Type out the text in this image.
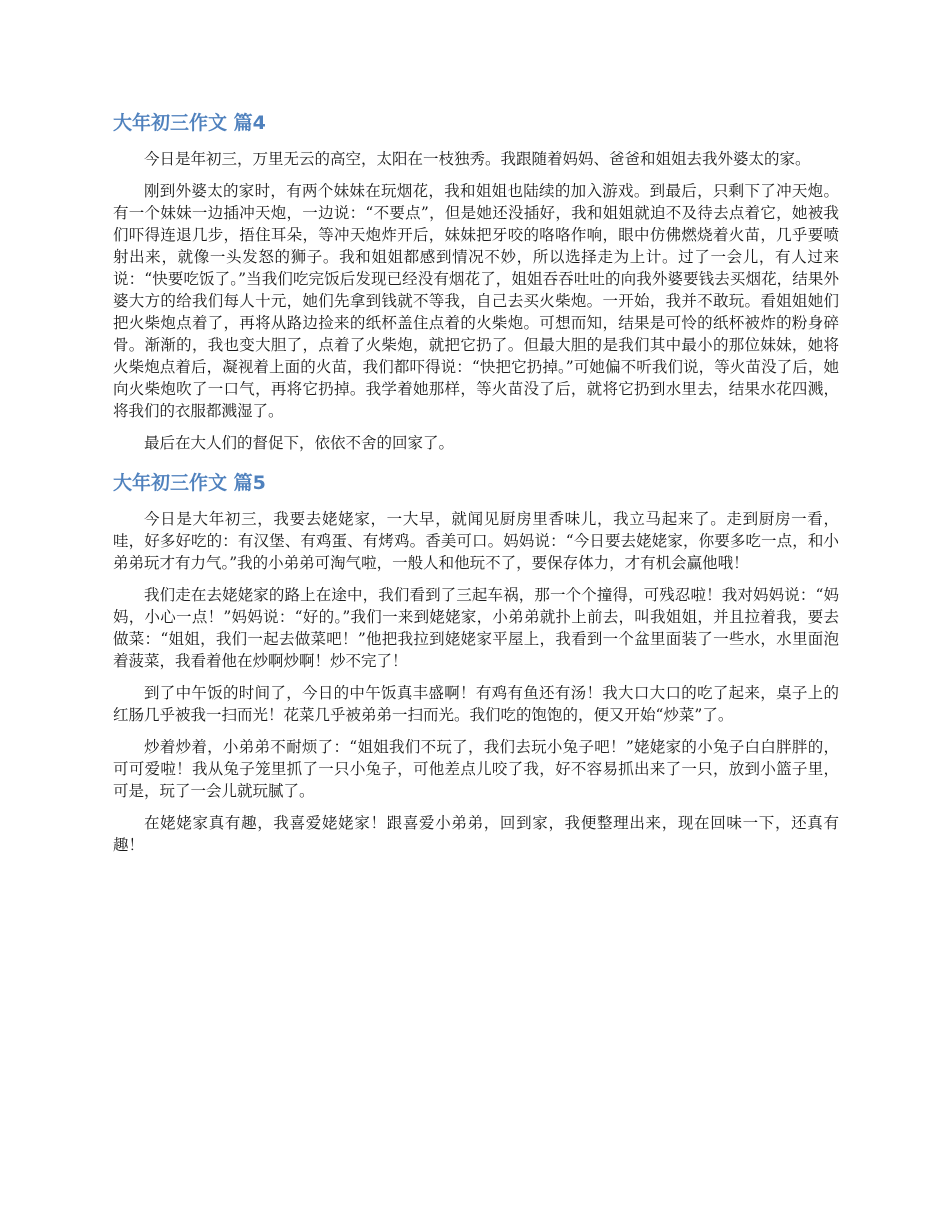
大年初三作文 篇4

今日是年初三，万里无云的高空，太阳在一枝独秀。我跟随着妈妈、爸爸和姐姐去我外婆太的家。

刚到外婆太的家时，有两个妹妹在玩烟花，我和姐姐也陆续的加入游戏。到最后，只剩下了冲天炮。有一个妹妹一边插冲天炮，一边说：“不要点”，但是她还没插好，我和姐姐就迫不及待去点着它，她被我们吓得连退几步，捂住耳朵，等冲天炮炸开后，妹妹把牙咬的咯咯作响，眼中仿佛燃烧着火苗，几乎要喷射出来，就像一头发怒的狮子。我和姐姐都感到情况不妙，所以选择走为上计。过了一会儿，有人过来说：“快要吃饭了。”当我们吃完饭后发现已经没有烟花了，姐姐吞吞吐吐的向我外婆要钱去买烟花，结果外婆大方的给我们每人十元，她们先拿到钱就不等我，自己去买火柴炮。一开始，我并不敢玩。看姐姐她们把火柴炮点着了，再将从路边捡来的纸杯盖住点着的火柴炮。可想而知，结果是可怜的纸杯被炸的粉身碎骨。渐渐的，我也变大胆了，点着了火柴炮，就把它扔了。但最大胆的是我们其中最小的那位妹妹，她将火柴炮点着后，凝视着上面的火苗，我们都吓得说：“快把它扔掉。”可她偏不听我们说，等火苗没了后，她向火柴炮吹了一口气，再将它扔掉。我学着她那样，等火苗没了后，就将它扔到水里去，结果水花四溅，将我们的衣服都溅湿了。

最后在大人们的督促下，依依不舍的回家了。

大年初三作文 篇5

今日是大年初三，我要去姥姥家，一大早，就闻见厨房里香味儿，我立马起来了。走到厨房一看，哇，好多好吃的：有汉堡、有鸡蛋、有烤鸡。香美可口。妈妈说：“今日要去姥姥家，你要多吃一点，和小弟弟玩才有力气。”我的小弟弟可淘气啦，一般人和他玩不了，要保存体力，才有机会赢他哦！

我们走在去姥姥家的路上在途中，我们看到了三起车祸，那一个个撞得，可残忍啦！我对妈妈说：“妈妈，小心一点！”妈妈说：“好的。”我们一来到姥姥家，小弟弟就扑上前去，叫我姐姐，并且拉着我，要去做菜：“姐姐，我们一起去做菜吧！”他把我拉到姥姥家平屋上，我看到一个盆里面装了一些水，水里面泡着菠菜，我看着他在炒啊炒啊！炒不完了！

到了中午饭的时间了，今日的中午饭真丰盛啊！有鸡有鱼还有汤！我大口大口的吃了起来，桌子上的红肠几乎被我一扫而光！花菜几乎被弟弟一扫而光。我们吃的饱饱的，便又开始“炒菜”了。

炒着炒着，小弟弟不耐烦了：“姐姐我们不玩了，我们去玩小兔子吧！”姥姥家的小兔子白白胖胖的，可可爱啦！我从兔子笼里抓了一只小兔子，可他差点儿咬了我，好不容易抓出来了一只，放到小篮子里，可是，玩了一会儿就玩腻了。

在姥姥家真有趣，我喜爱姥姥家！跟喜爱小弟弟，回到家，我便整理出来，现在回味一下，还真有趣！
